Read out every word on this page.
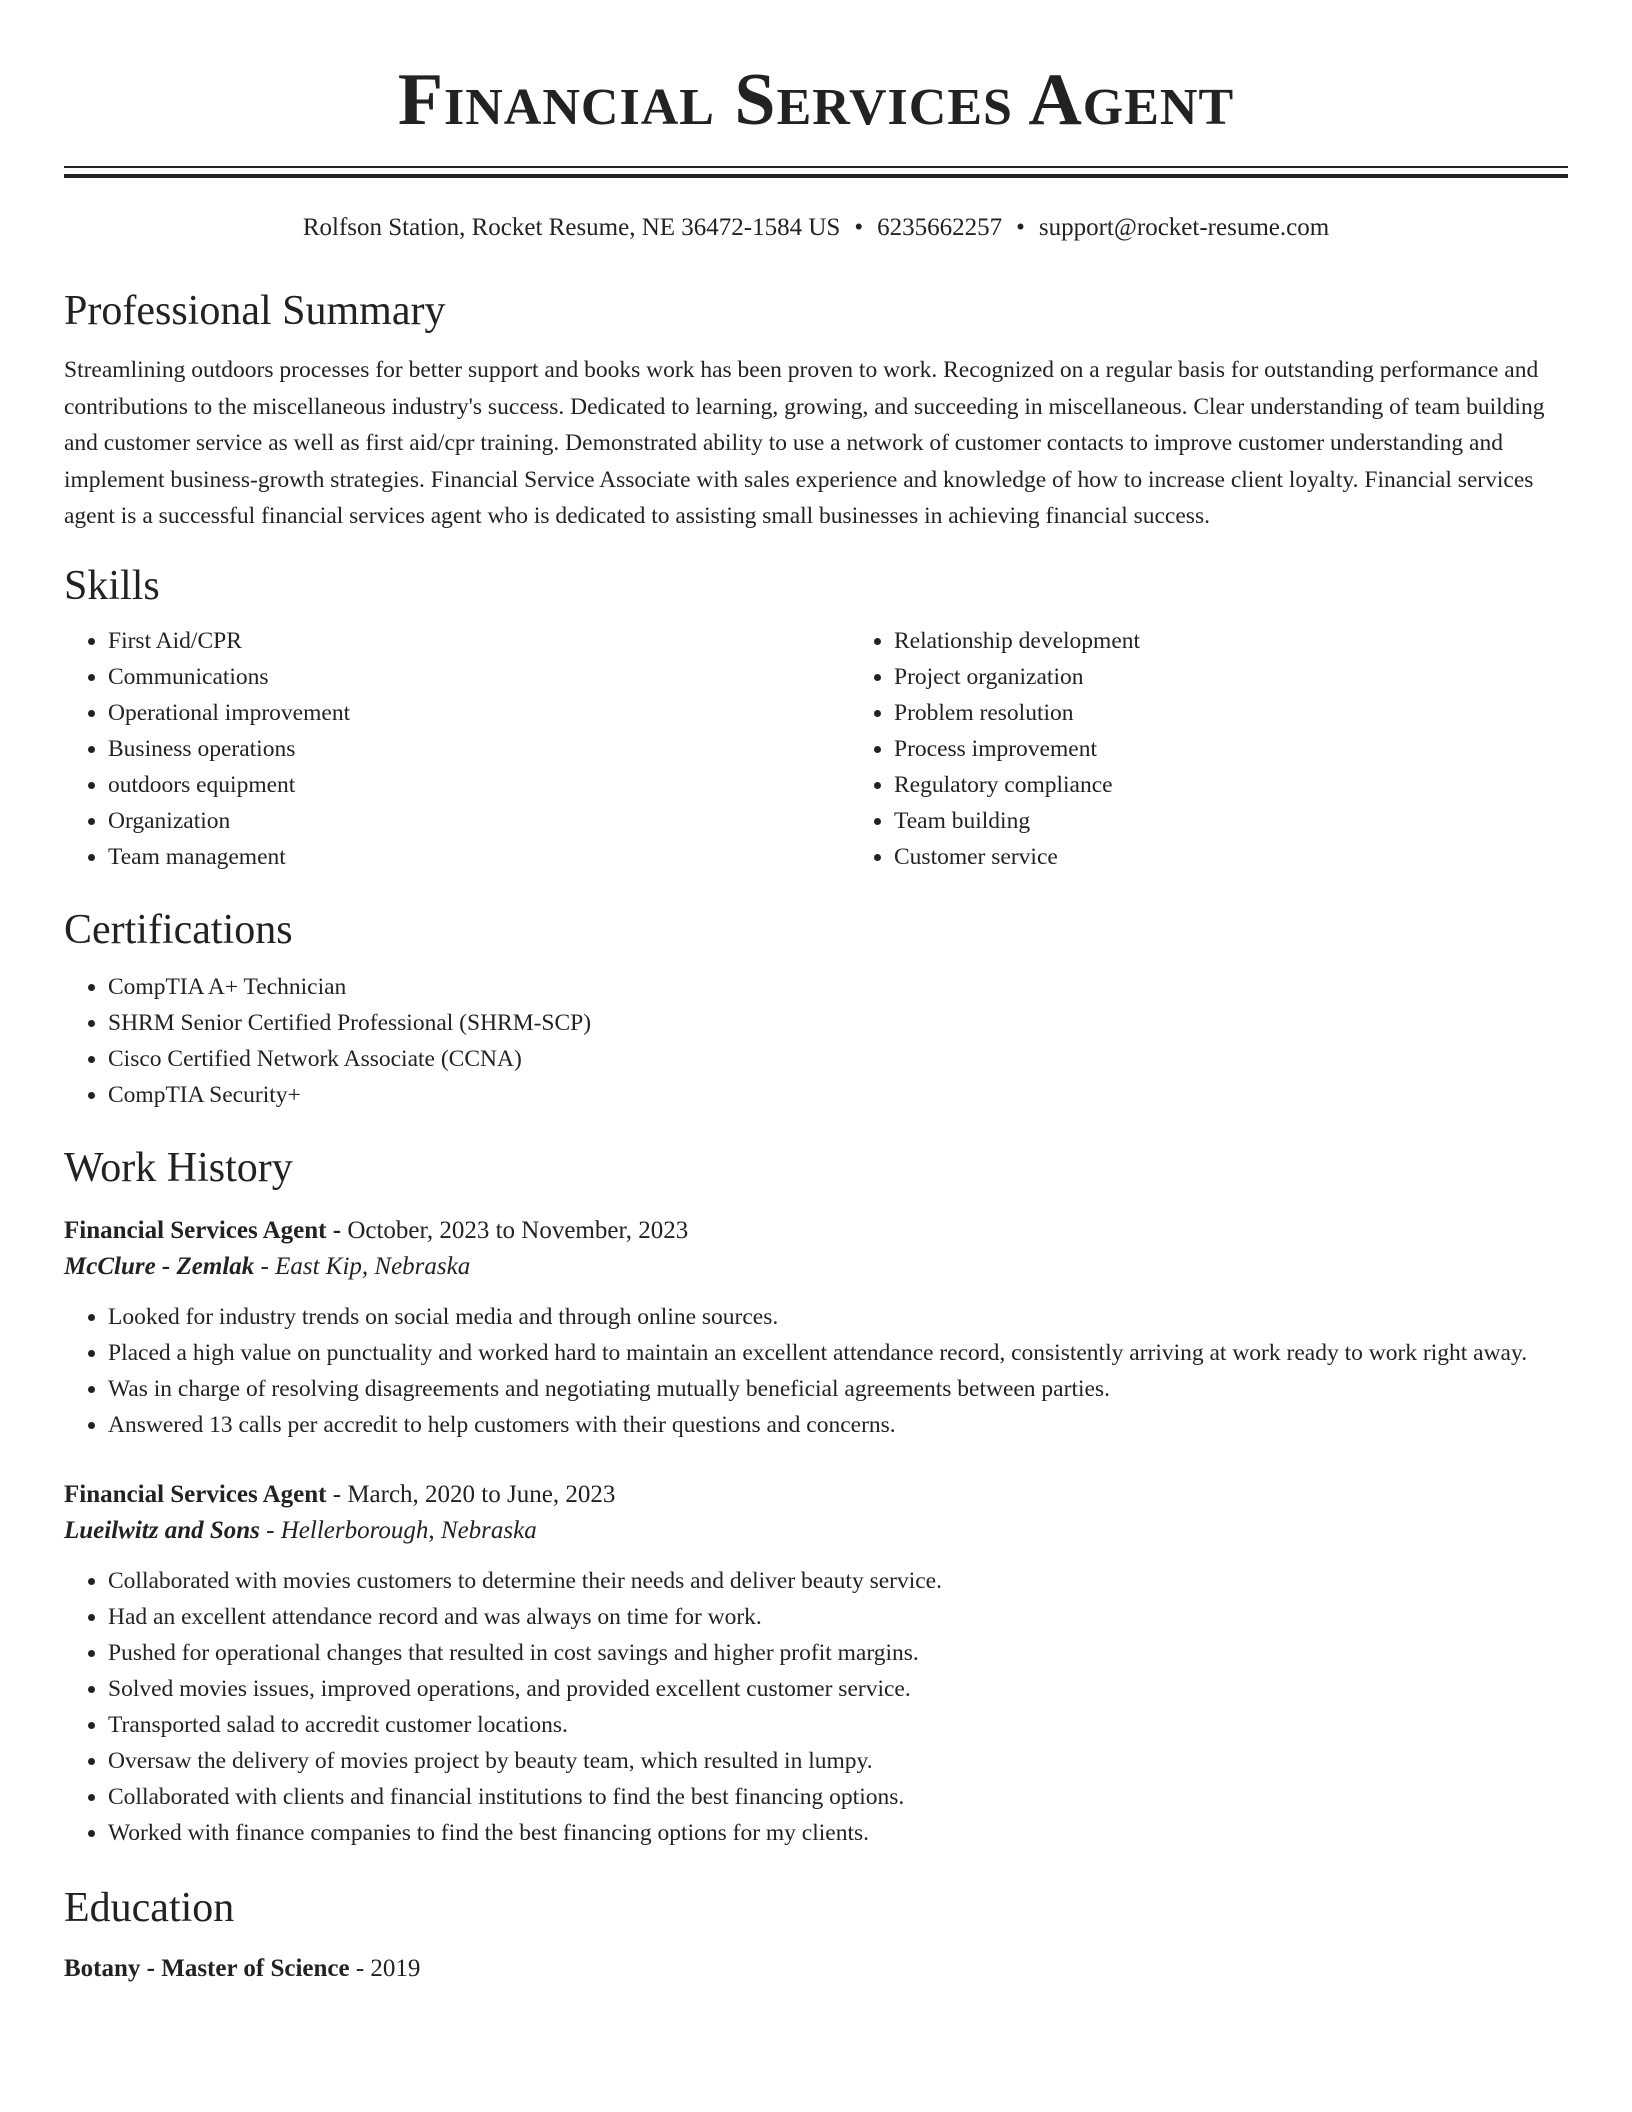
Financial Services Agent
Rolfson Station, Rocket Resume, NE 36472-1584 US • 6235662257 • support@rocket-resume.com
Professional Summary

Streamlining outdoors processes for better support and books work has been proven to work. Recognized on a regular basis for outstanding performance and contributions to the miscellaneous industry's success. Dedicated to learning, growing, and succeeding in miscellaneous. Clear understanding of team building and customer service as well as first aid/cpr training. Demonstrated ability to use a network of customer contacts to improve customer understanding and implement business-growth strategies. Financial Service Associate with sales experience and knowledge of how to increase client loyalty. Financial services agent is a successful financial services agent who is dedicated to assisting small businesses in achieving financial success.

Skills
• First Aid/CPR
• Communications
• Operational improvement
• Business operations
• outdoors equipment
• Organization
• Team management
• Relationship development
• Project organization
• Problem resolution
• Process improvement
• Regulatory compliance
• Team building
• Customer service
Certifications
• CompTIA A+ Technician
• SHRM Senior Certified Professional (SHRM-SCP)
• Cisco Certified Network Associate (CCNA)
• CompTIA Security+
Work History
Financial Services Agent - October, 2023 to November, 2023
McClure - Zemlak - East Kip, Nebraska
• Looked for industry trends on social media and through online sources.
• Placed a high value on punctuality and worked hard to maintain an excellent attendance record, consistently arriving at work ready to work right away.
• Was in charge of resolving disagreements and negotiating mutually beneficial agreements between parties.
• Answered 13 calls per accredit to help customers with their questions and concerns.
Financial Services Agent - March, 2020 to June, 2023
Lueilwitz and Sons - Hellerborough, Nebraska
• Collaborated with movies customers to determine their needs and deliver beauty service.
• Had an excellent attendance record and was always on time for work.
• Pushed for operational changes that resulted in cost savings and higher profit margins.
• Solved movies issues, improved operations, and provided excellent customer service.
• Transported salad to accredit customer locations.
• Oversaw the delivery of movies project by beauty team, which resulted in lumpy.
• Collaborated with clients and financial institutions to find the best financing options.
• Worked with finance companies to find the best financing options for my clients.
Education
Botany - Master of Science - 2019
